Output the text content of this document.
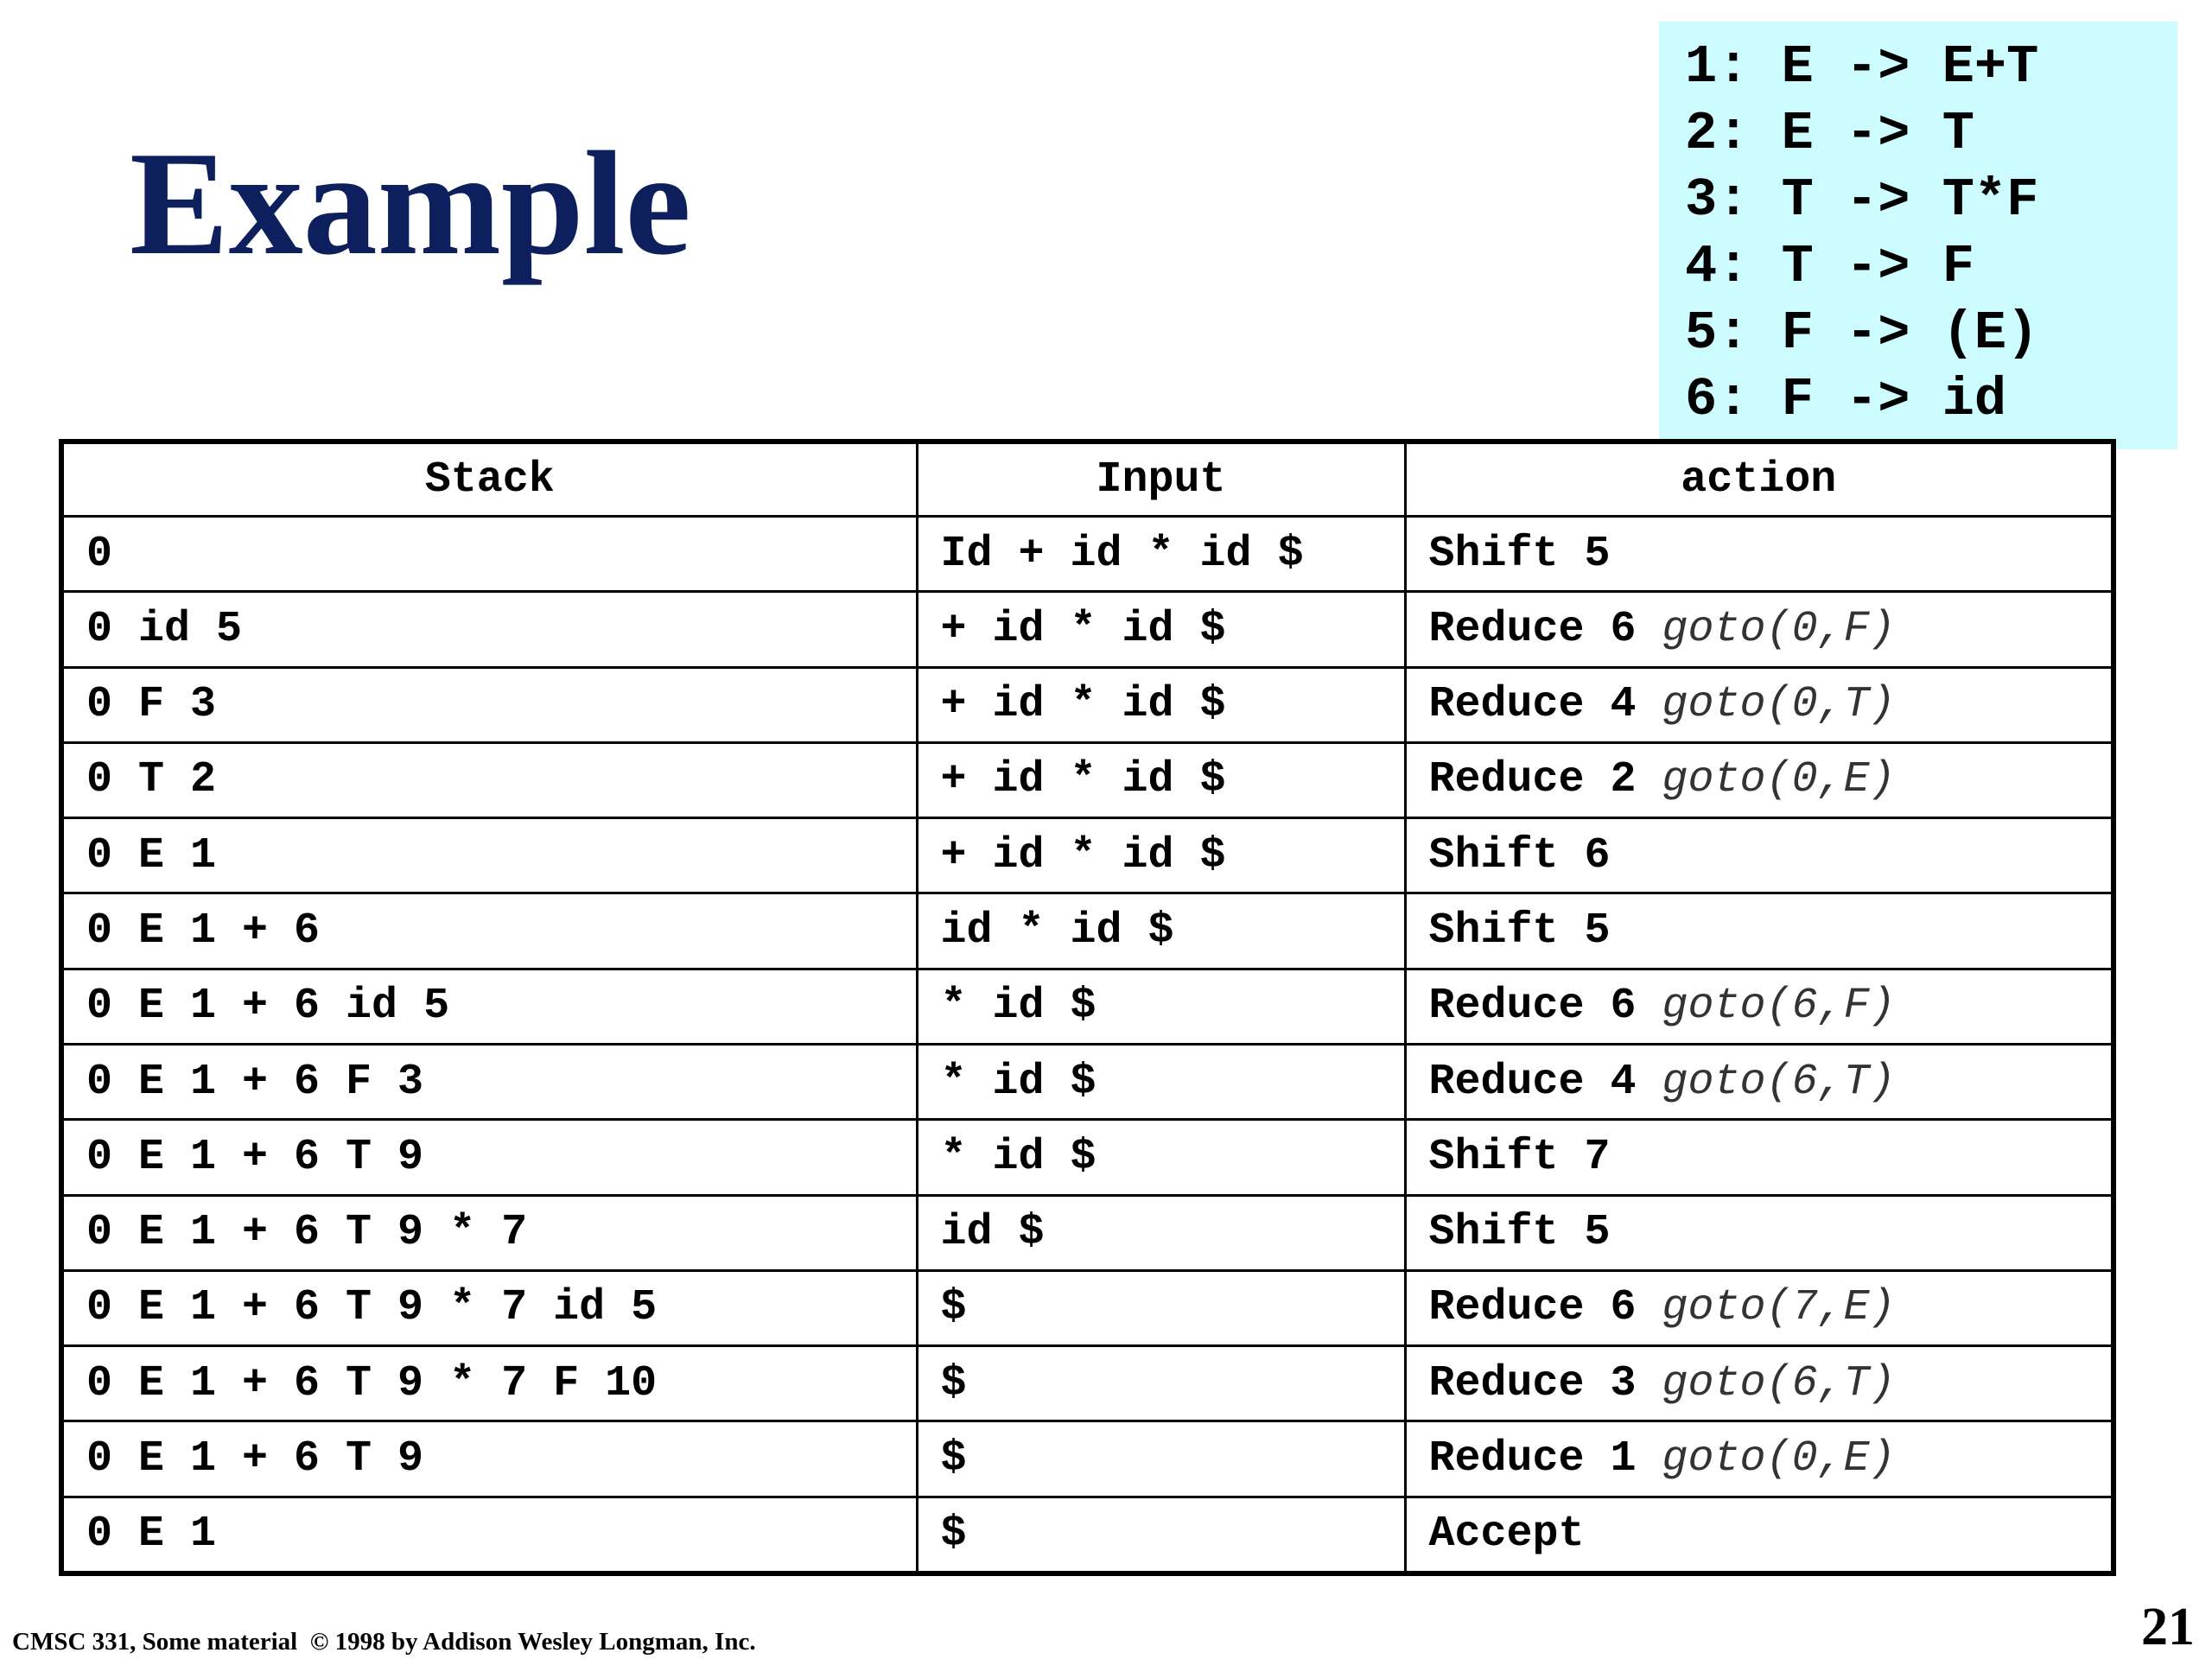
Example
1: E -> E+T
2: E -> T
3: T -> T*F
4: T -> F
5: F -> (E)
6: F -> id
Stack	Input	action
0	Id + id * id $	Shift 5
0 id 5	+ id * id $	Reduce 6 goto(0,F)
0 F 3	+ id * id $	Reduce 4 goto(0,T)
0 T 2	+ id * id $	Reduce 2 goto(0,E)
0 E 1	+ id * id $	Shift 6
0 E 1 + 6	id * id $	Shift 5
0 E 1 + 6 id 5	* id $	Reduce 6 goto(6,F)
0 E 1 + 6 F 3	* id $	Reduce 4 goto(6,T)
0 E 1 + 6 T 9	* id $	Shift 7
0 E 1 + 6 T 9 * 7	id $	Shift 5
0 E 1 + 6 T 9 * 7 id 5	$	Reduce 6 goto(7,E)
0 E 1 + 6 T 9 * 7 F 10	$	Reduce 3 goto(6,T)
0 E 1 + 6 T 9	$	Reduce 1 goto(0,E)
0 E 1	$	Accept
CMSC 331, Some material  © 1998 by Addison Wesley Longman, Inc.	21
